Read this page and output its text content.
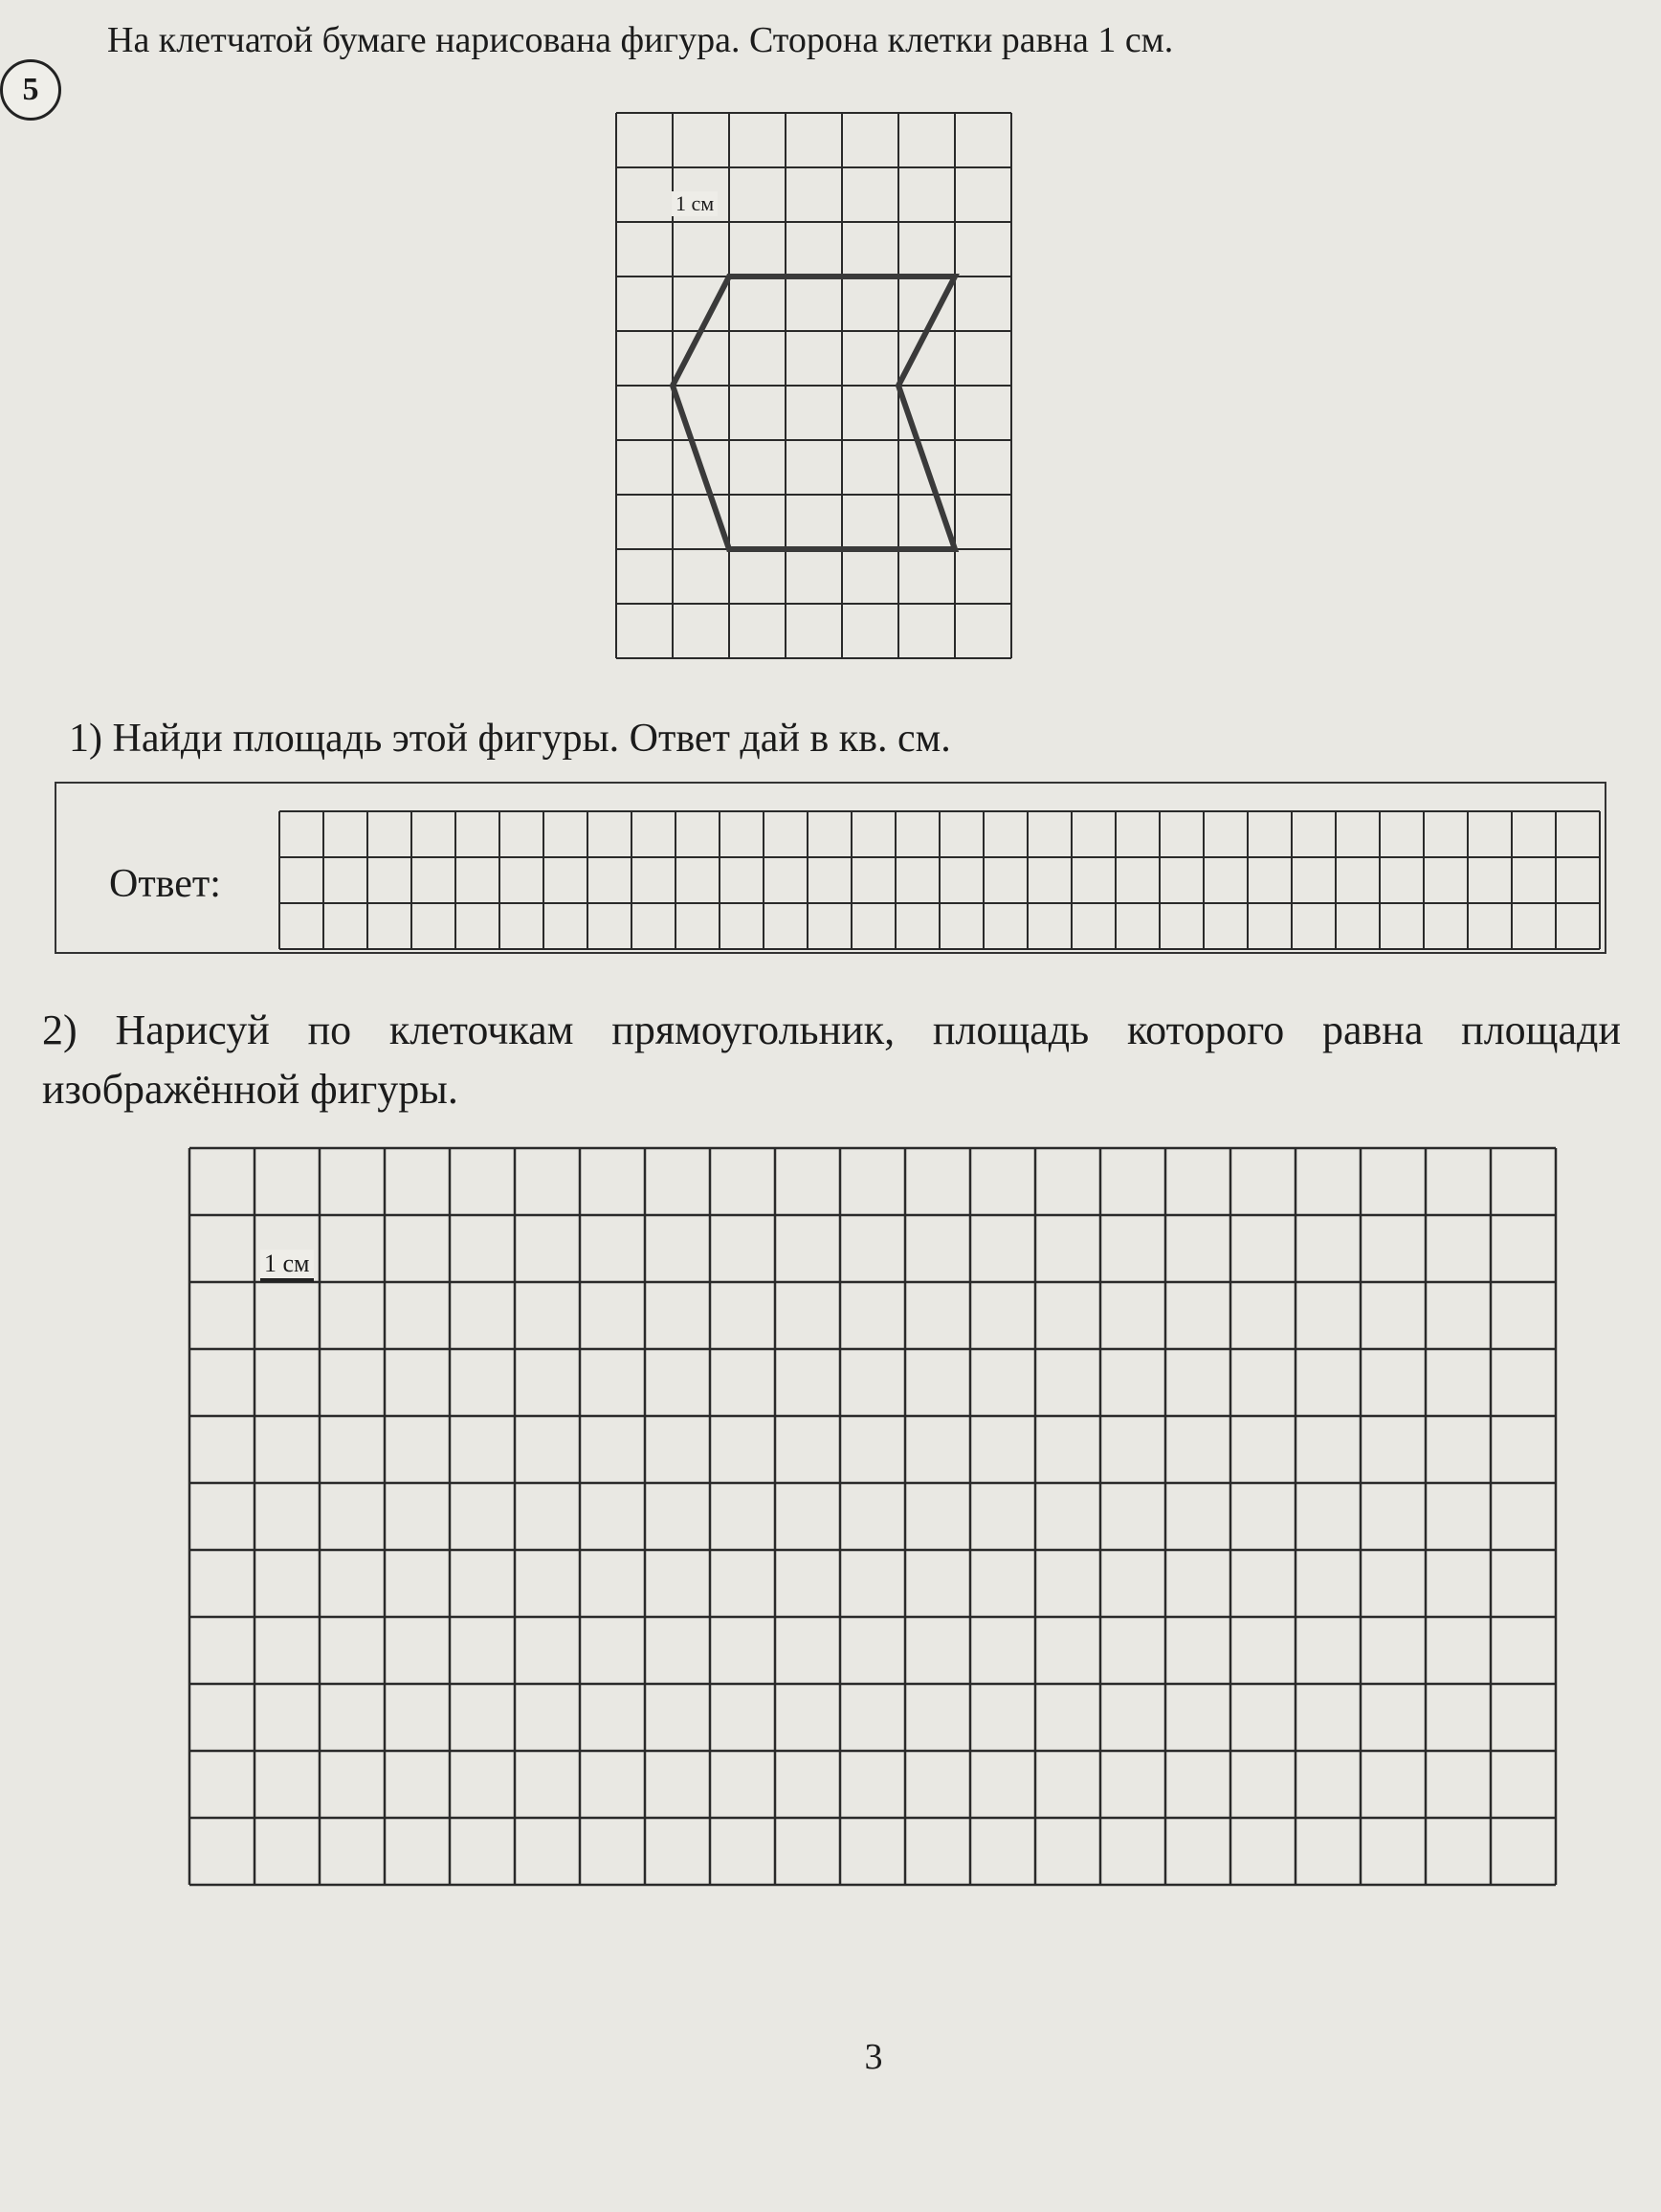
5
На клетчатой бумаге нарисована фигура. Сторона клетки равна 1 см.
1 см
1) Найди площадь этой фигуры. Ответ дай в кв. см.
Ответ:
2) Нарисуй по клеточкам прямоугольник, площадь которого равна площади изображённой фигуры.
1 см
3
